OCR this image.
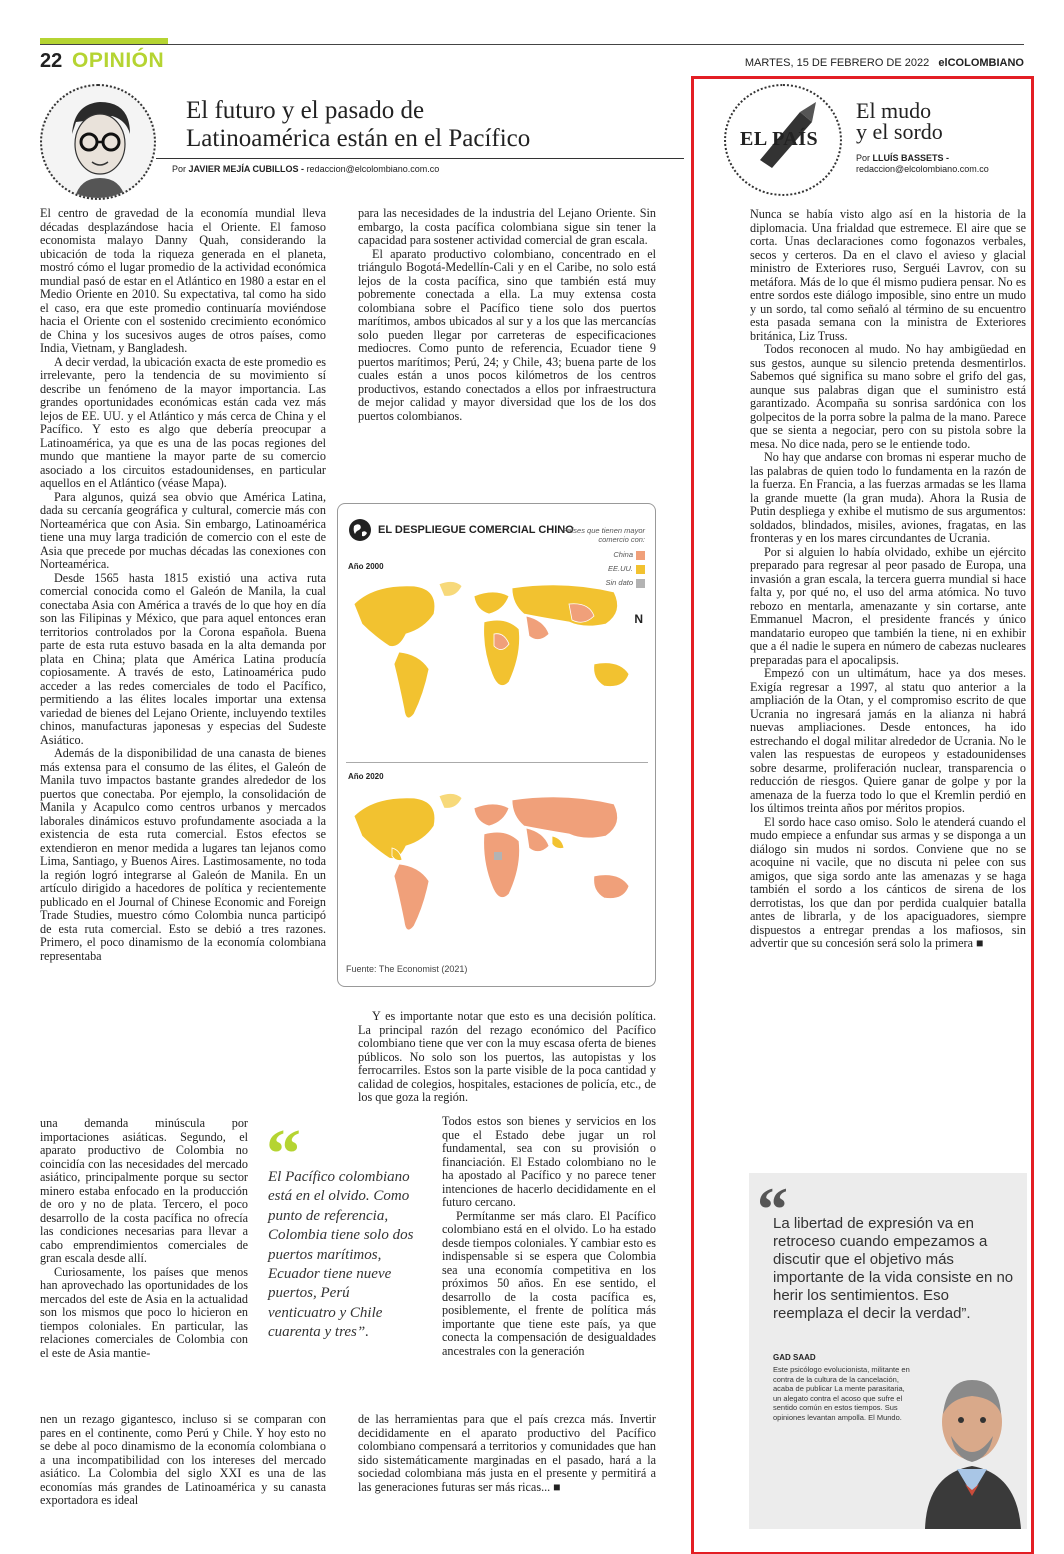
22 OPINIÓN	MARTES, 15 DE FEBRERO DE 2022 elCOLOMBIANO
El futuro y el pasado de
Latinoamérica están en el Pacífico
Por JAVIER MEJÍA CUBILLOS - redaccion@elcolombiano.com.co

El centro de gravedad de la economía mundial lleva décadas desplazándose hacia el Oriente. El famoso economista malayo Danny Quah, considerando la ubicación de toda la riqueza generada en el planeta, mostró cómo el lugar promedio de la actividad económica mundial pasó de estar en el Atlántico en 1980 a estar en el Medio Oriente en 2010. Su expectativa, tal como ha sido el caso, era que este promedio continuaría moviéndose hacia el Oriente con el sostenido crecimiento económico de China y los sucesivos auges de otros países, como India, Vietnam, y Bangladesh.

A decir verdad, la ubicación exacta de este promedio es irrelevante, pero la tendencia de su movimiento sí describe un fenómeno de la mayor importancia. Las grandes oportunidades económicas están cada vez más lejos de EE. UU. y el Atlántico y más cerca de China y el Pacífico. Y esto es algo que debería preocupar a Latinoamérica, ya que es una de las pocas regiones del mundo que mantiene la mayor parte de su comercio asociado a los circuitos estadounidenses, en particular aquellos en el Atlántico (véase Mapa).

Para algunos, quizá sea obvio que América Latina, dada su cercanía geográfica y cultural, comercie más con Norteamérica que con Asia. Sin embargo, Latinoamérica tiene una muy larga tradición de comercio con el este de Asia que precede por muchas décadas las conexiones con Norteamérica.

Desde 1565 hasta 1815 existió una activa ruta comercial conocida como el Galeón de Manila, la cual conectaba Asia con América a través de lo que hoy en día son las Filipinas y México, que para aquel entonces eran territorios controlados por la Corona española. Buena parte de esta ruta estuvo basada en la alta demanda por plata en China; plata que América Latina producía copiosamente. A través de esto, Latinoamérica pudo acceder a las redes comerciales de todo el Pacífico, permitiendo a las élites locales importar una extensa variedad de bienes del Lejano Oriente, incluyendo textiles chinos, manufacturas japonesas y especias del Sudeste Asiático.

Además de la disponibilidad de una canasta de bienes más extensa para el consumo de las élites, el Galeón de Manila tuvo impactos bastante grandes alrededor de los puertos que conectaba. Por ejemplo, la consolidación de Manila y Acapulco como centros urbanos y mercados laborales dinámicos estuvo profundamente asociada a la existencia de esta ruta comercial. Estos efectos se extendieron en menor medida a lugares tan lejanos como Lima, Santiago, y Buenos Aires. Lastimosamente, no toda la región logró integrarse al Galeón de Manila. En un artículo dirigido a hacedores de política y recientemente publicado en el Journal of Chinese Economic and Foreign Trade Studies, muestro cómo Colombia nunca participó de esta ruta comercial. Esto se debió a tres razones. Primero, el poco dinamismo de la economía colombiana representaba

una demanda minúscula por importaciones asiáticas. Segundo, el aparato productivo de Colombia no coincidía con las necesidades del mercado asiático, principalmente porque su sector minero estaba enfocado en la producción de oro y no de plata. Tercero, el poco desarrollo de la costa pacífica no ofrecía las condiciones necesarias para llevar a cabo emprendimientos comerciales de gran escala desde allí.

Curiosamente, los países que menos han aprovechado las oportunidades de los mercados del este de Asia en la actualidad son los mismos que poco lo hicieron en tiempos coloniales. En particular, las relaciones comerciales de Colombia con el este de Asia mantie-

nen un rezago gigantesco, incluso si se comparan con pares en el continente, como Perú y Chile. Y hoy esto no se debe al poco dinamismo de la economía colombiana o a una incompatibilidad con los intereses del mercado asiático. La Colombia del siglo XXI es una de las economías más grandes de Latinoamérica y su canasta exportadora es ideal

para las necesidades de la industria del Lejano Oriente. Sin embargo, la costa pacífica colombiana sigue sin tener la capacidad para sostener actividad comercial de gran escala.

El aparato productivo colombiano, concentrado en el triángulo Bogotá-Medellín-Cali y en el Caribe, no solo está lejos de la costa pacífica, sino que también está muy pobremente conectada a ella. La muy extensa costa colombiana sobre el Pacífico tiene solo dos puertos marítimos, ambos ubicados al sur y a los que las mercancías solo pueden llegar por carreteras de especificaciones mediocres. Como punto de referencia, Ecuador tiene 9 puertos marítimos; Perú, 24; y Chile, 43; buena parte de los cuales están a unos pocos kilómetros de los centros productivos, estando conectados a ellos por infraestructura de mejor calidad y mayor diversidad que los de los dos puertos colombianos.

Y es importante notar que esto es una decisión política. La principal razón del rezago económico del Pacífico colombiano tiene que ver con la muy escasa oferta de bienes públicos. No solo son los puertos, las autopistas y los ferrocarriles. Estos son la parte visible de la poca cantidad y calidad de colegios, hospitales, estaciones de policía, etc., de los que goza la región.

Todos estos son bienes y servicios en los que el Estado debe jugar un rol fundamental, sea con su provisión o financiación. El Estado colombiano no le ha apostado al Pacífico y no parece tener intenciones de hacerlo decididamente en el futuro cercano.

Permítanme ser más claro. El Pacífico colombiano está en el olvido. Lo ha estado desde tiempos coloniales. Y cambiar esto es indispensable si se espera que Colombia sea una economía competitiva en los próximos 50 años. En ese sentido, el desarrollo de la costa pacífica es, posiblemente, el frente de política más importante que tiene este país, ya que conecta la compensación de desigualdades ancestrales con la generación

de las herramientas para que el país crezca más. Invertir decididamente en el aparato productivo del Pacífico colombiano compensará a territorios y comunidades que han sido sistemáticamente marginadas en el pasado, hará a la sociedad colombiana más justa en el presente y permitirá a las generaciones futuras ser más ricas... ■

“
El Pacífico colombiano está en el olvido. Como punto de referencia, Colombia tiene solo dos puertos marítimos, Ecuador tiene nueve puertos, Perú venticuatro y Chile cuarenta y tres”.
EL DESPLIEGUE COMERCIAL CHINO
Países que tienen mayor comercio con:
China
EE.UU.
Sin dato
Año 2000
N
Año 2020
Fuente: The Economist (2021)
EL PAÍS
El mudo
y el sordo
Por LLUÍS BASSETS -
redaccion@elcolombiano.com.co

Nunca se había visto algo así en la historia de la diplomacia. Una frialdad que estremece. El aire que se corta. Unas declaraciones como fogonazos verbales, secos y certeros. Da en el clavo el avieso y glacial ministro de Exteriores ruso, Serguéi Lavrov, con su metáfora. Más de lo que él mismo pudiera pensar. No es entre sordos este diálogo imposible, sino entre un mudo y un sordo, tal como señaló al término de su encuentro esta pasada semana con la ministra de Exteriores británica, Liz Truss.

Todos reconocen al mudo. No hay ambigüedad en sus gestos, aunque su silencio pretenda desmentirlos. Sabemos qué significa su mano sobre el grifo del gas, aunque sus palabras digan que el suministro está garantizado. Acompaña su sonrisa sardónica con los golpecitos de la porra sobre la palma de la mano. Parece que se sienta a negociar, pero con su pistola sobre la mesa. No dice nada, pero se le entiende todo.

No hay que andarse con bromas ni esperar mucho de las palabras de quien todo lo fundamenta en la razón de la fuerza. En Francia, a las fuerzas armadas se les llama la grande muette (la gran muda). Ahora la Rusia de Putin despliega y exhibe el mutismo de sus argumentos: soldados, blindados, misiles, aviones, fragatas, en las fronteras y en los mares circundantes de Ucrania.

Por si alguien lo había olvidado, exhibe un ejército preparado para regresar al peor pasado de Europa, una invasión a gran escala, la tercera guerra mundial si hace falta y, por qué no, el uso del arma atómica. No tuvo rebozo en mentarla, amenazante y sin cortarse, ante Emmanuel Macron, el presidente francés y único mandatario europeo que también la tiene, ni en exhibir que a él nadie le supera en número de cabezas nucleares preparadas para el apocalipsis.

Empezó con un ultimátum, hace ya dos meses. Exigía regresar a 1997, al statu quo anterior a la ampliación de la Otan, y el compromiso escrito de que Ucrania no ingresará jamás en la alianza ni habrá nuevas ampliaciones. Desde entonces, ha ido estrechando el dogal militar alrededor de Ucrania. No le valen las respuestas de europeos y estadounidenses sobre desarme, proliferación nuclear, transparencia o reducción de riesgos. Quiere ganar de golpe y por la amenaza de la fuerza todo lo que el Kremlin perdió en los últimos treinta años por méritos propios.

El sordo hace caso omiso. Solo le atenderá cuando el mudo empiece a enfundar sus armas y se disponga a un diálogo sin mudos ni sordos. Conviene que no se acoquine ni vacile, que no discuta ni pelee con sus amigos, que siga sordo ante las amenazas y se haga también el sordo a los cánticos de sirena de los derrotistas, los que dan por perdida cualquier batalla antes de librarla, y de los apaciguadores, siempre dispuestos a entregar prendas a los mafiosos, sin advertir que su concesión será solo la primera ■

“
La libertad de expresión va en retroceso cuando empezamos a discutir que el objetivo más importante de la vida consiste en no herir los sentimientos. Eso reemplaza el decir la verdad”.
GAD SAAD
Este psicólogo evolucionista, militante en contra de la cultura de la cancelación, acaba de publicar La mente parasitaria, un alegato contra el acoso que sufre el sentido común en estos tiempos. Sus opiniones levantan ampolla. El Mundo.
